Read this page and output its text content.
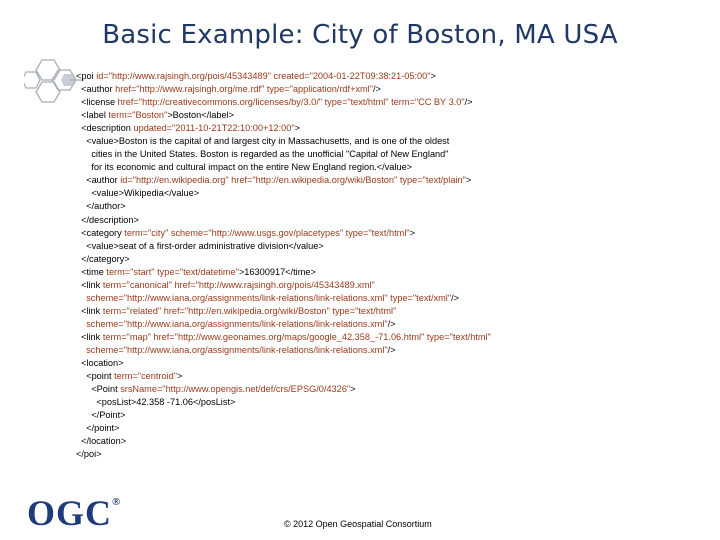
Basic Example: City of Boston, MA USA
<poi id="http://www.rajsingh.org/pois/45343489" created="2004-01-22T09:38:21-05:00">
<author href="http://www.rajsingh.org/me.rdf" type="application/rdf+xml"/>
<license href="http://creativecommons.org/licenses/by/3.0/" type="text/html" term="CC BY 3.0"/>
<label term="Boston">Boston</label>
<description updated="2011-10-21T22:10:00+12:00">
<value>Boston is the capital of and largest city in Massachusetts, and is one of the oldest
cities in the United States. Boston is regarded as the unofficial "Capital of New England"
for its economic and cultural impact on the entire New England region.</value>
<author id="http://en.wikipedia.org" href="http://en.wikipedia.org/wiki/Boston" type="text/plain">
<value>Wikipedia</value>
</author>
</description>
<category term="city" scheme="http://www.usgs.gov/placetypes" type="text/html">
<value>seat of a first-order administrative division</value>
</category>
<time term="start" type="text/datetime">16300917</time>
<link term="canonical" href="http://www.rajsingh.org/pois/45343489.xml"
scheme="http://www.iana.org/assignments/link-relations/link-relations.xml" type="text/xml"/>
<link term="related" href="http://en.wikipedia.org/wiki/Boston" type="text/html"
scheme="http://www.iana.org/assignments/link-relations/link-relations.xml"/>
<link term="map" href="http://www.geonames.org/maps/google_42.358_-71.06.html" type="text/html"
scheme="http://www.iana.org/assignments/link-relations/link-relations.xml"/>
<location>
<point term="centroid">
<Point srsName="http://www.opengis.net/def/crs/EPSG/0/4326">
<posList>42.358 -71.06</posList>
</Point>
</point>
</location>
</poi>
OGC®
© 2012 Open Geospatial Consortium
